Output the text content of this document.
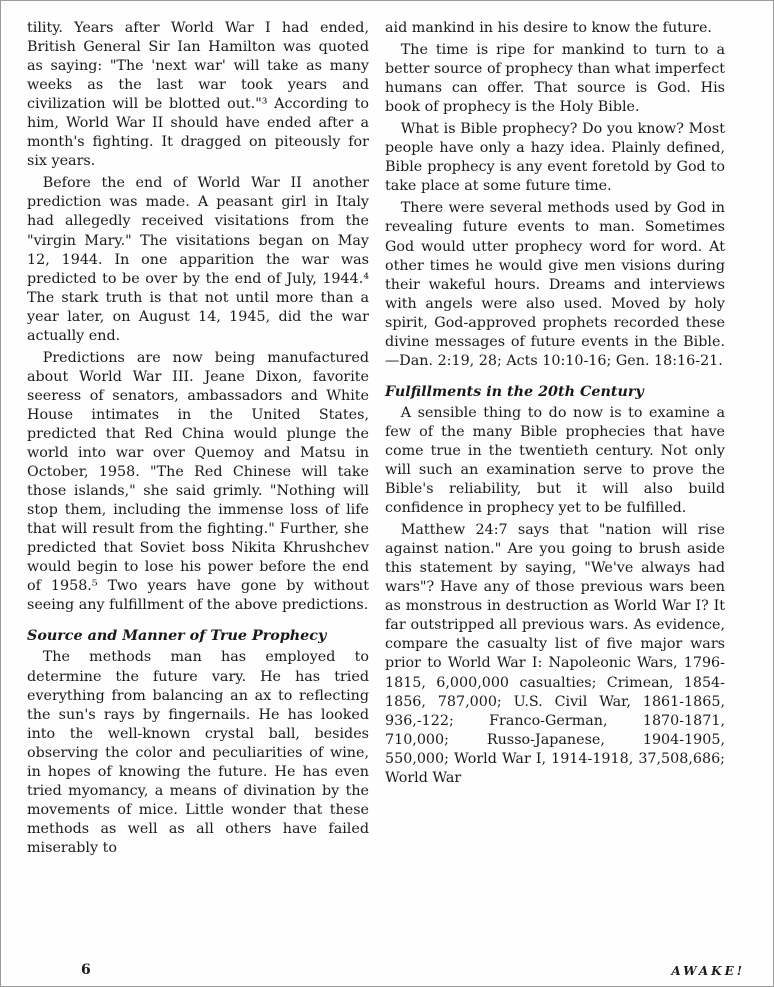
tility. Years after World War I had ended, British General Sir Ian Hamilton was quoted as saying: "The 'next war' will take as many weeks as the last war took years and civilization will be blotted out."³ According to him, World War II should have ended after a month's fighting. It dragged on piteously for six years.

Before the end of World War II another prediction was made. A peasant girl in Italy had allegedly received visitations from the "virgin Mary." The visitations began on May 12, 1944. In one apparition the war was predicted to be over by the end of July, 1944.⁴ The stark truth is that not until more than a year later, on August 14, 1945, did the war actually end.

Predictions are now being manufactured about World War III. Jeane Dixon, favorite seeress of senators, ambassadors and White House intimates in the United States, predicted that Red China would plunge the world into war over Quemoy and Matsu in October, 1958. "The Red Chinese will take those islands," she said grimly. "Nothing will stop them, including the immense loss of life that will result from the fighting." Further, she predicted that Soviet boss Nikita Khrushchev would begin to lose his power before the end of 1958.⁵ Two years have gone by without seeing any fulfillment of the above predictions.

Source and Manner of True Prophecy

The methods man has employed to determine the future vary. He has tried everything from balancing an ax to reflecting the sun's rays by fingernails. He has looked into the well-known crystal ball, besides observing the color and peculiarities of wine, in hopes of knowing the future. He has even tried myomancy, a means of divination by the movements of mice. Little wonder that these methods as well as all others have failed miserably to

aid mankind in his desire to know the future.

The time is ripe for mankind to turn to a better source of prophecy than what imperfect humans can offer. That source is God. His book of prophecy is the Holy Bible.

What is Bible prophecy? Do you know? Most people have only a hazy idea. Plainly defined, Bible prophecy is any event foretold by God to take place at some future time.

There were several methods used by God in revealing future events to man. Sometimes God would utter prophecy word for word. At other times he would give men visions during their wakeful hours. Dreams and interviews with angels were also used. Moved by holy spirit, God-approved prophets recorded these divine messages of future events in the Bible.—Dan. 2:19, 28; Acts 10:10-16; Gen. 18:16-21.

Fulfillments in the 20th Century

A sensible thing to do now is to examine a few of the many Bible prophecies that have come true in the twentieth century. Not only will such an examination serve to prove the Bible's reliability, but it will also build confidence in prophecy yet to be fulfilled.

Matthew 24:7 says that "nation will rise against nation." Are you going to brush aside this statement by saying, "We've always had wars"? Have any of those previous wars been as monstrous in destruction as World War I? It far outstripped all previous wars. As evidence, compare the casualty list of five major wars prior to World War I: Napoleonic Wars, 1796-1815, 6,000,000 casualties; Crimean, 1854-1856, 787,000; U.S. Civil War, 1861-1865, 936,-122; Franco-German, 1870-1871, 710,000; Russo-Japanese, 1904-1905, 550,000; World War I, 1914-1918, 37,508,686; World War

6	AWAKE!
